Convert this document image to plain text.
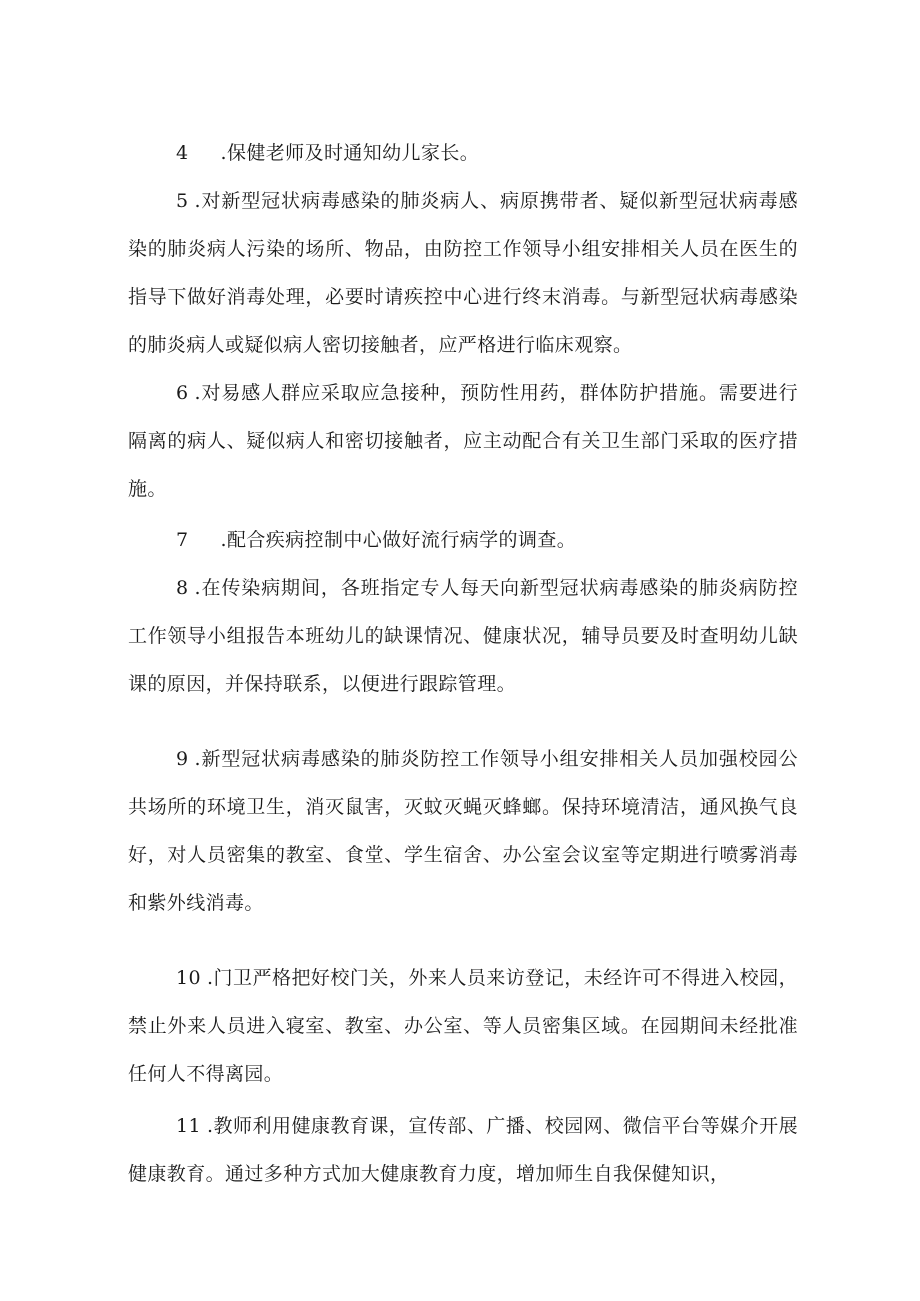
4 .保健老师及时通知幼儿家长。

5 .对新型冠状病毒感染的肺炎病人、病原携带者、疑似新型冠状病毒感染的肺炎病人污染的场所、物品，由防控工作领导小组安排相关人员在医生的指导下做好消毒处理，必要时请疾控中心进行终末消毒。与新型冠状病毒感染的肺炎病人或疑似病人密切接触者，应严格进行临床观察。

6 .对易感人群应采取应急接种，预防性用药，群体防护措施。需要进行隔离的病人、疑似病人和密切接触者，应主动配合有关卫生部门采取的医疗措施。

7 .配合疾病控制中心做好流行病学的调查。

8 .在传染病期间，各班指定专人每天向新型冠状病毒感染的肺炎病防控工作领导小组报告本班幼儿的缺课情况、健康状况，辅导员要及时查明幼儿缺课的原因，并保持联系，以便进行跟踪管理。

9 .新型冠状病毒感染的肺炎防控工作领导小组安排相关人员加强校园公共场所的环境卫生，消灭鼠害，灭蚊灭蝇灭蜂螂。保持环境清洁，通风换气良好，对人员密集的教室、食堂、学生宿舍、办公室会议室等定期进行喷雾消毒和紫外线消毒。

10 .门卫严格把好校门关，外来人员来访登记，未经许可不得进入校园，禁止外来人员进入寝室、教室、办公室、等人员密集区域。在园期间未经批准任何人不得离园。

11 .教师利用健康教育课，宣传部、广播、校园网、微信平台等媒介开展健康教育。通过多种方式加大健康教育力度，增加师生自我保健知识，
